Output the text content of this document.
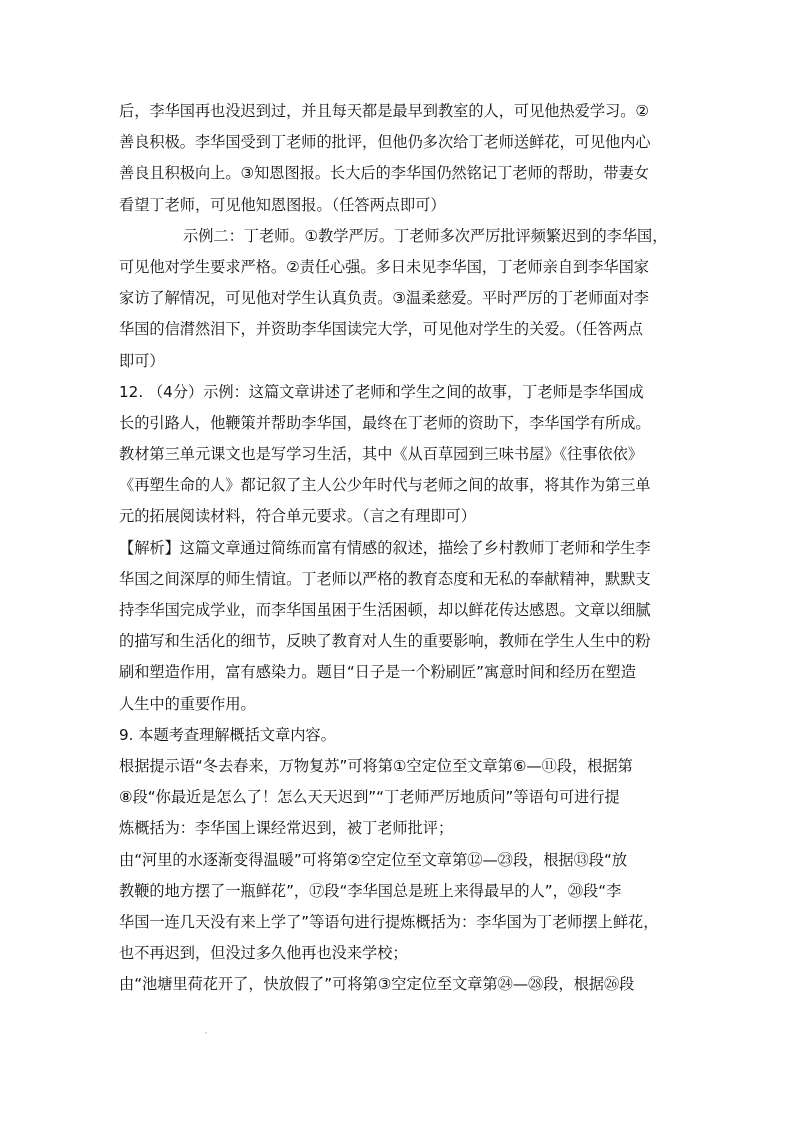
后，李华国再也没迟到过，并且每天都是最早到教室的人，可见他热爱学习。②
善良积极。李华国受到丁老师的批评，但他仍多次给丁老师送鲜花，可见他内心
善良且积极向上。③知恩图报。长大后的李华国仍然铭记丁老师的帮助，带妻女
看望丁老师，可见他知恩图报。（任答两点即可）
示例二：丁老师。①教学严厉。丁老师多次严厉批评频繁迟到的李华国，
可见他对学生要求严格。②责任心强。多日未见李华国，丁老师亲自到李华国家
家访了解情况，可见他对学生认真负责。③温柔慈爱。平时严厉的丁老师面对李
华国的信潸然泪下，并资助李华国读完大学，可见他对学生的关爱。（任答两点
即可）
12. （4分）示例：这篇文章讲述了老师和学生之间的故事，丁老师是李华国成
长的引路人，他鞭策并帮助李华国，最终在丁老师的资助下，李华国学有所成。
教材第三单元课文也是写学习生活，其中《从百草园到三味书屋》《往事依依》
《再塑生命的人》都记叙了主人公少年时代与老师之间的故事，将其作为第三单
元的拓展阅读材料，符合单元要求。（言之有理即可）
【解析】这篇文章通过简练而富有情感的叙述，描绘了乡村教师丁老师和学生李
华国之间深厚的师生情谊。丁老师以严格的教育态度和无私的奉献精神，默默支
持李华国完成学业，而李华国虽困于生活困顿，却以鲜花传达感恩。文章以细腻
的描写和生活化的细节，反映了教育对人生的重要影响，教师在学生人生中的粉
刷和塑造作用，富有感染力。题目“日子是一个粉刷匠”寓意时间和经历在塑造
人生中的重要作用。
9. 本题考查理解概括文章内容。
根据提示语“冬去春来，万物复苏”可将第①空定位至文章第⑥—⑪段，根据第
⑧段“你最近是怎么了！怎么天天迟到”“丁老师严厉地质问”等语句可进行提
炼概括为：李华国上课经常迟到，被丁老师批评；
由“河里的水逐渐变得温暖”可将第②空定位至文章第⑫—㉓段，根据⑬段“放
教鞭的地方摆了一瓶鲜花”，⑰段“李华国总是班上来得最早的人”，⑳段“李
华国一连几天没有来上学了”等语句进行提炼概括为：李华国为丁老师摆上鲜花，
也不再迟到，但没过多久他再也没来学校；
由“池塘里荷花开了，快放假了”可将第③空定位至文章第㉔—㉘段，根据㉖段
